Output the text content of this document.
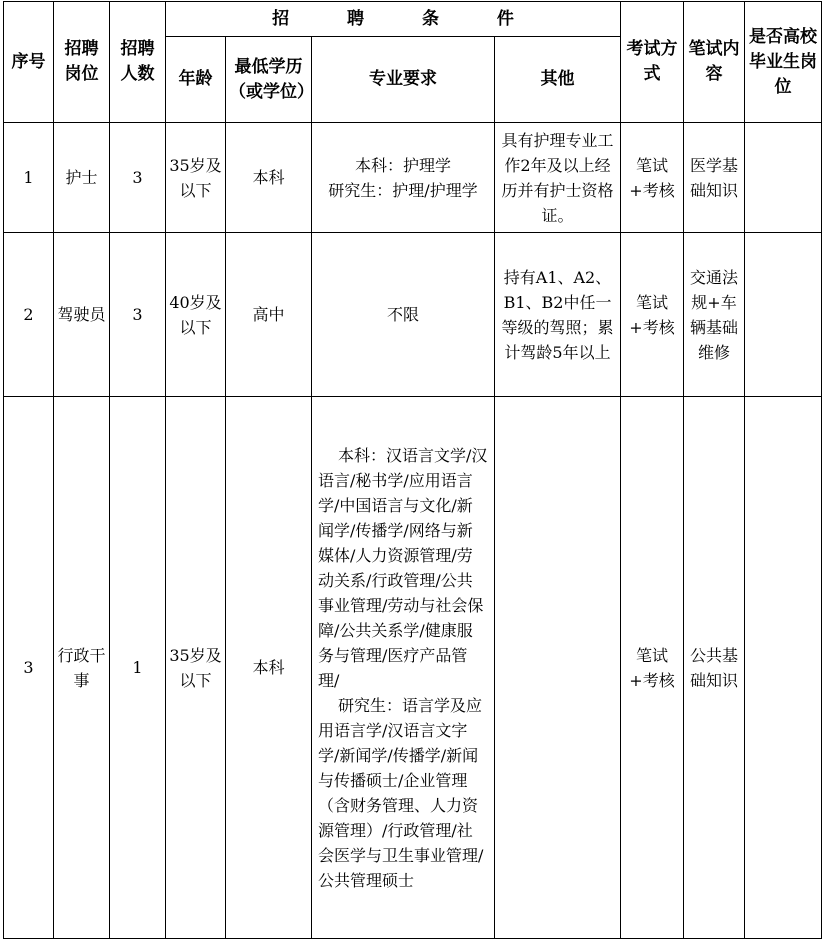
序号	招聘岗位	招聘人数	招 聘 条 件				考试方式	笔试内容	是否高校毕业生岗位
			年龄	最低学历（或学位）	专业要求	其他			
1	护士	3	35岁及以下	本科	本科：护理学
研究生：护理/护理学	具有护理专业工作2年及以上经历并有护士资格证。	笔试+考核	医学基础知识	
2	驾驶员	3	40岁及以下	高中	不限	持有A1、A2、B1、B2中任一等级的驾照；累计驾龄5年以上	笔试+考核	交通法规+车辆基础维修	
3	行政干事	1	35岁及以下	本科	本科：汉语言文学/汉语言/秘书学/应用语言学/中国语言与文化/新闻学/传播学/网络与新媒体/人力资源管理/劳动关系/行政管理/公共事业管理/劳动与社会保障/公共关系学/健康服务与管理/医疗产品管理/
研究生：语言学及应用语言学/汉语言文字学/新闻学/传播学/新闻与传播硕士/企业管理（含财务管理、人力资源管理）/行政管理/社会医学与卫生事业管理/公共管理硕士		笔试+考核	公共基础知识	
